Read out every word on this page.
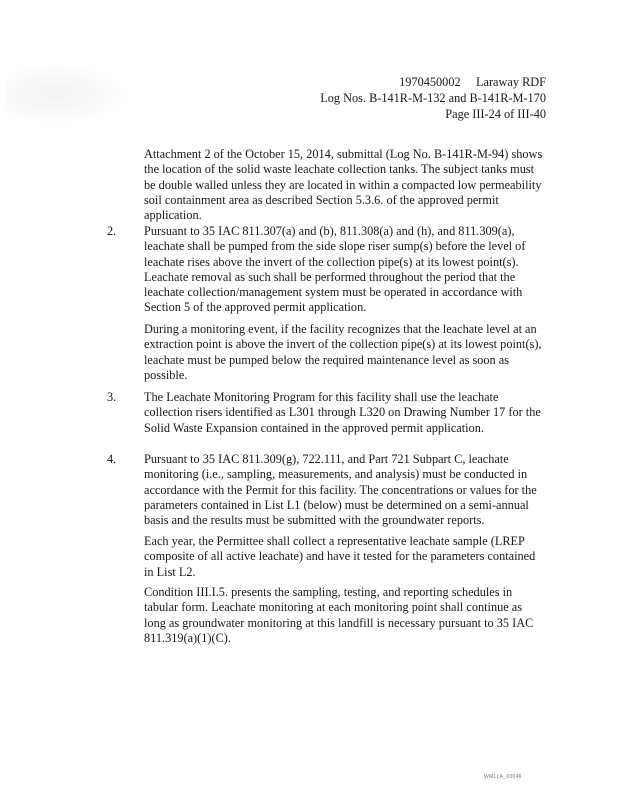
1970450002     Laraway RDF
Log Nos. B-141R-M-132 and B-141R-M-170
Page III-24 of III-40
Attachment 2 of the October 15, 2014, submittal (Log No. B-141R-M-94) shows the location of the solid waste leachate collection tanks. The subject tanks must be double walled unless they are located in within a compacted low permeability soil containment area as described Section 5.3.6. of the approved permit application.
2. Pursuant to 35 IAC 811.307(a) and (b), 811.308(a) and (h), and 811.309(a), leachate shall be pumped from the side slope riser sump(s) before the level of leachate rises above the invert of the collection pipe(s) at its lowest point(s). Leachate removal as such shall be performed throughout the period that the leachate collection/management system must be operated in accordance with Section 5 of the approved permit application.
During a monitoring event, if the facility recognizes that the leachate level at an extraction point is above the invert of the collection pipe(s) at its lowest point(s), leachate must be pumped below the required maintenance level as soon as possible.
3. The Leachate Monitoring Program for this facility shall use the leachate collection risers identified as L301 through L320 on Drawing Number 17 for the Solid Waste Expansion contained in the approved permit application.
4. Pursuant to 35 IAC 811.309(g), 722.111, and Part 721 Subpart C, leachate monitoring (i.e., sampling, measurements, and analysis) must be conducted in accordance with the Permit for this facility. The concentrations or values for the parameters contained in List L1 (below) must be determined on a semi-annual basis and the results must be submitted with the groundwater reports.
Each year, the Permittee shall collect a representative leachate sample (LREP composite of all active leachate) and have it tested for the parameters contained in List L2.
Condition III.I.5. presents the sampling, testing, and reporting schedules in tabular form. Leachate monitoring at each monitoring point shall continue as long as groundwater monitoring at this landfill is necessary pursuant to 35 IAC 811.319(a)(1)(C).
WMLLA_00046
